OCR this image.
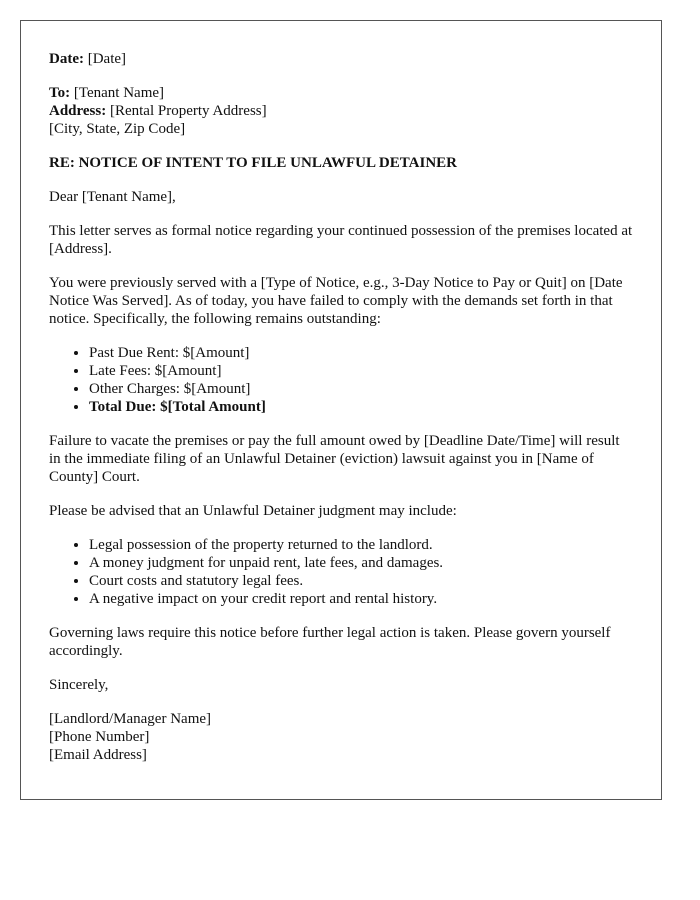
Date: [Date]

To: [Tenant Name]
Address: [Rental Property Address]
[City, State, Zip Code]

RE: NOTICE OF INTENT TO FILE UNLAWFUL DETAINER

Dear [Tenant Name],

This letter serves as formal notice regarding your continued possession of the premises located at [Address].

You were previously served with a [Type of Notice, e.g., 3-Day Notice to Pay or Quit] on [Date Notice Was Served]. As of today, you have failed to comply with the demands set forth in that notice. Specifically, the following remains outstanding:

• Past Due Rent: $[Amount]
• Late Fees: $[Amount]
• Other Charges: $[Amount]
• Total Due: $[Total Amount]

Failure to vacate the premises or pay the full amount owed by [Deadline Date/Time] will result in the immediate filing of an Unlawful Detainer (eviction) lawsuit against you in [Name of County] Court.

Please be advised that an Unlawful Detainer judgment may include:

• Legal possession of the property returned to the landlord.
• A money judgment for unpaid rent, late fees, and damages.
• Court costs and statutory legal fees.
• A negative impact on your credit report and rental history.

Governing laws require this notice before further legal action is taken. Please govern yourself accordingly.

Sincerely,

[Landlord/Manager Name]
[Phone Number]
[Email Address]
